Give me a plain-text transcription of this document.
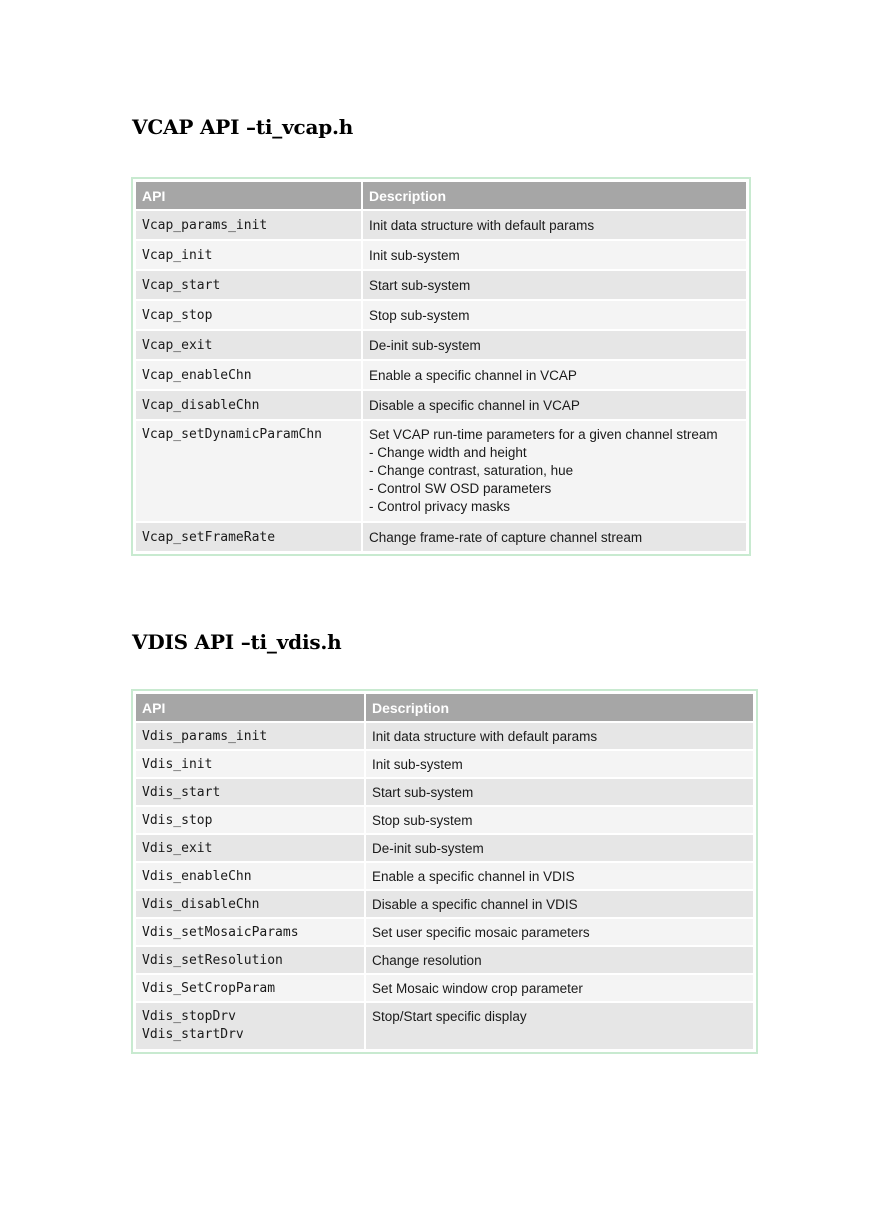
VCAP API –ti_vcap.h
API	Description
Vcap_params_init	Init data structure with default params
Vcap_init	Init sub-system
Vcap_start	Start sub-system
Vcap_stop	Stop sub-system
Vcap_exit	De-init sub-system
Vcap_enableChn	Enable a specific channel in VCAP
Vcap_disableChn	Disable a specific channel in VCAP

Vcap_setDynamicParamChn	Set VCAP run-time parameters for a given channel stream
- Change width and height
- Change contrast, saturation, hue
- Control SW OSD parameters
- Control privacy masks

Vcap_setFrameRate	Change frame-rate of capture channel stream
VDIS API –ti_vdis.h
API	Description
Vdis_params_init	Init data structure with default params
Vdis_init	Init sub-system
Vdis_start	Start sub-system
Vdis_stop	Stop sub-system
Vdis_exit	De-init sub-system
Vdis_enableChn	Enable a specific channel in VDIS
Vdis_disableChn	Disable a specific channel in VDIS
Vdis_setMosaicParams	Set user specific mosaic parameters
Vdis_setResolution	Change resolution
Vdis_SetCropParam	Set Mosaic window crop parameter

Vdis_stopDrv
Vdis_startDrv	Stop/Start specific display
